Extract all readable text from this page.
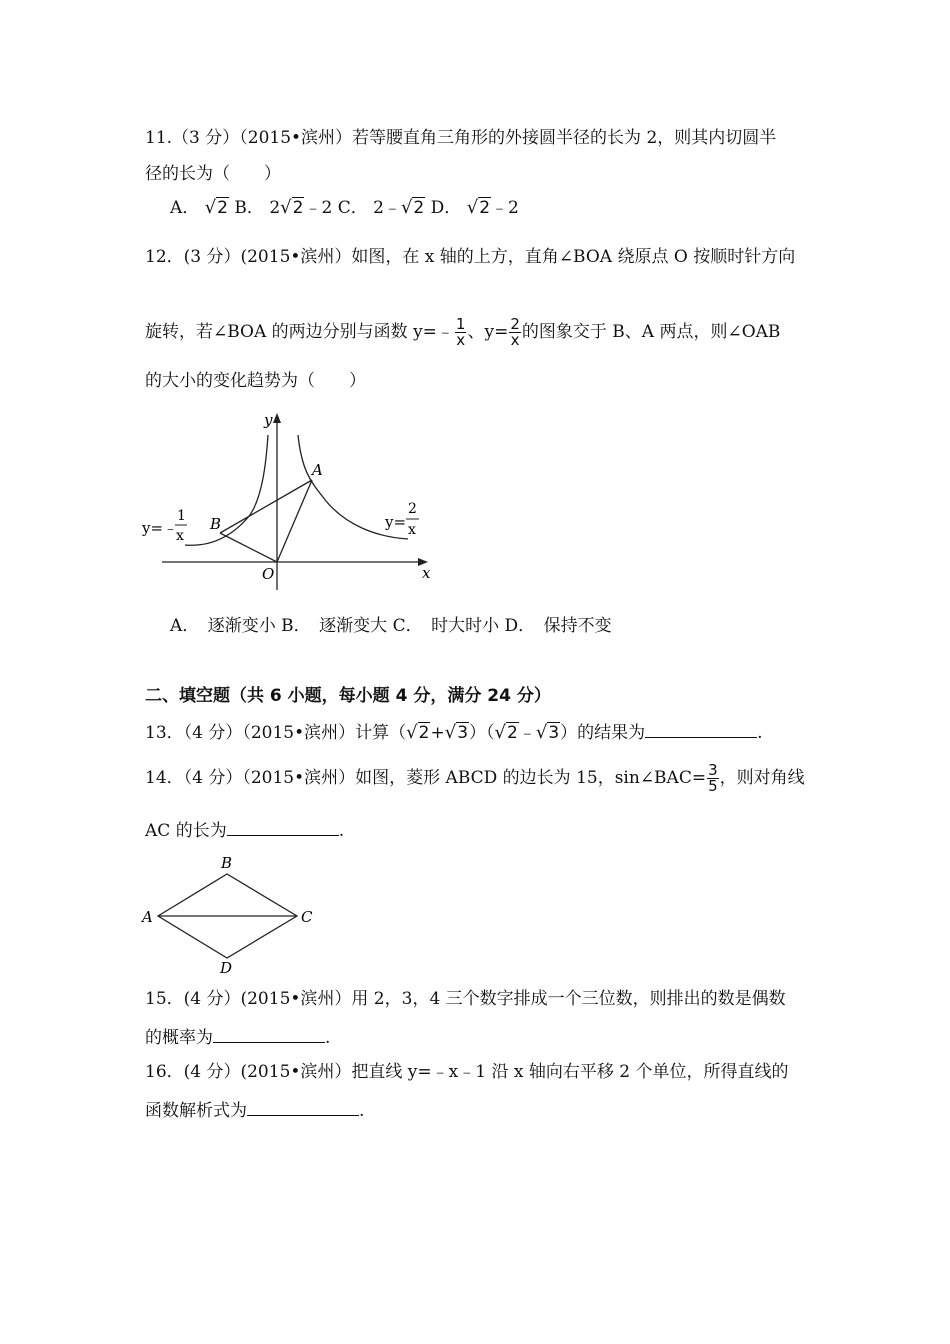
11.（3 分）（2015•滨州）若等腰直角三角形的外接圆半径的长为 2，则其内切圆半
径的长为（　　）
A． √2 B． 2√2﹣2 C． 2﹣√2 D． √2﹣2
12．(3 分）(2015•滨州）如图，在 x 轴的上方，直角∠BOA 绕原点 O 按顺时针方向
旋转，若∠BOA 的两边分别与函数 y=﹣ $\frac{1}{x}$ 、$y= \frac{2}{x}$ 的图象交于 B、A 两点，则∠OAB
的大小的变化趋势为（　　）
y
x
O
A
B
y=﹣
1
x
y=
2
x
A．　逐渐变小 B．　逐渐变大 C．　时大时小 D．　保持不变
二、填空题（共 6 小题，每小题 4 分，满分 24 分）
13．（4 分）（2015•滨州）计算（√2+√3）（√2﹣√3）的结果为	.
14．（4 分）（2015•滨州）如图，菱形 ABCD 的边长为 15，sin∠BAC= $\frac{3}{5}$ ，则对角线
AC 的长为	.
B
A	C
D
15．(4 分）(2015•滨州）用 2，3，4 三个数字排成一个三位数，则排出的数是偶数
的概率为	.
16．(4 分）(2015•滨州）把直线 y=﹣x﹣1 沿 x 轴向右平移 2 个单位，所得直线的
函数解析式为	.
